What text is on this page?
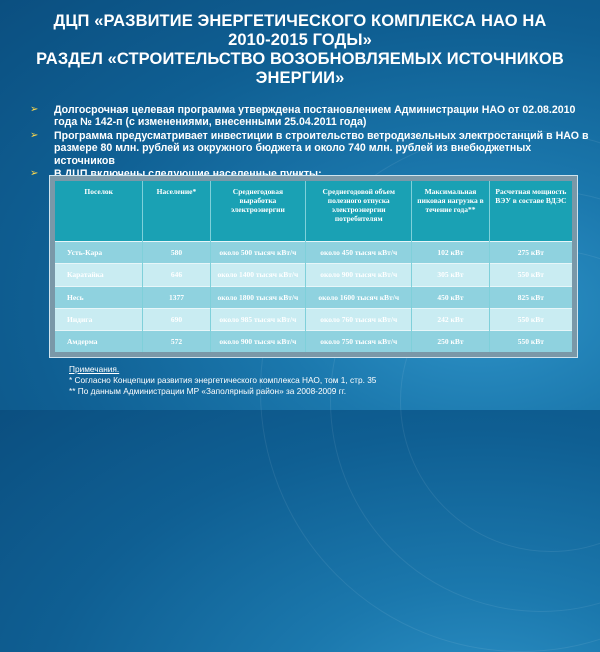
ДЦП «РАЗВИТИЕ ЭНЕРГЕТИЧЕСКОГО КОМПЛЕКСА НАО НА
2010-2015 ГОДЫ»
РАЗДЕЛ «СТРОИТЕЛЬСТВО ВОЗОБНОВЛЯЕМЫХ ИСТОЧНИКОВ
ЭНЕРГИИ»
➢ Долгосрочная целевая программа утверждена постановлением Администрации НАО от 02.08.2010 года № 142-п (с изменениями, внесенными 25.04.2011 года)
➢ Программа предусматривает инвестиции в строительство ветродизельных электростанций в НАО в размере 80 млн. рублей из окружного бюджета и около 740 млн. рублей из внебюджетных источников
➢
Поселок	Население*	Среднегодовая выработка электроэнергии	Среднегодовой объем полезного отпуска электроэнергии потребителям	Максимальная пиковая нагрузка в течение года**	Расчетная мощность ВЭУ в составе ВДЭС
Усть-Кара	580	около 500 тысяч кВт/ч	около 450 тысяч кВт/ч	102 кВт	275 кВт
Каратайка	646	около 1400 тысяч кВт/ч	около 900 тысяч кВт/ч	305 кВт	550 кВт
Несь	1377	около 1800 тысяч кВт/ч	около 1600 тысяч кВт/ч	450 кВт	825 кВт
Индига	690	около 985 тысяч кВт/ч	около 760 тысяч кВт/ч	242 кВт	550 кВт
Амдерма	572	около 900 тысяч кВт/ч	около 750 тысяч кВт/ч	250 кВт	550 кВт
Примечания.
* Согласно Концепции развития энергетического комплекса НАО, том 1, стр. 35
** По данным Администрации МР «Заполярный район» за 2008-2009 гг.
